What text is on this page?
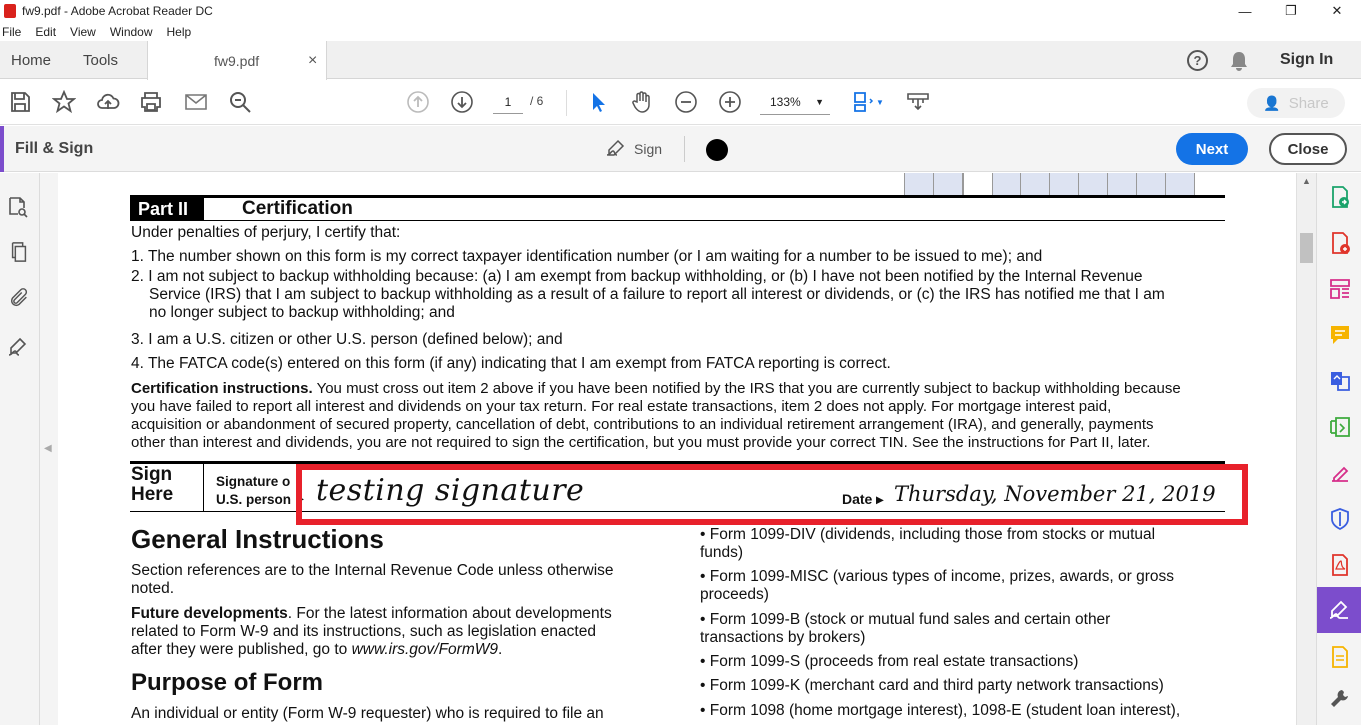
fw9.pdf - Adobe Acrobat Reader DC	—	❐	✕
File Edit View Window Help
Home Tools	fw9.pdf	×	?	Sign In
1	/ 6	133% ▼	▼	👤 Share
Fill & Sign	Sign	Next	Close
◀
Part II	Certification
Under penalties of perjury, I certify that:
1. The number shown on this form is my correct taxpayer identification number (or I am waiting for a number to be issued to me); and
2. I am not subject to backup withholding because: (a) I am exempt from backup withholding, or (b) I have not been notified by the Internal Revenue
Service (IRS) that I am subject to backup withholding as a result of a failure to report all interest or dividends, or (c) the IRS has notified me that I am
no longer subject to backup withholding; and
3. I am a U.S. citizen or other U.S. person (defined below); and
4. The FATCA code(s) entered on this form (if any) indicating that I am exempt from FATCA reporting is correct.
Certification instructions. You must cross out item 2 above if you have been notified by the IRS that you are currently subject to backup withholding because
you have failed to report all interest and dividends on your tax return. For real estate transactions, item 2 does not apply. For mortgage interest paid,
acquisition or abandonment of secured property, cancellation of debt, contributions to an individual retirement arrangement (IRA), and generally, payments
other than interest and dividends, you are not required to sign the certification, but you must provide your correct TIN. See the instructions for Part II, later.
Sign
Here
Signature o
U.S. person ▸ testing signature	Date ▸ Thursday, November 21, 2019
General Instructions
Section references are to the Internal Revenue Code unless otherwise
noted.
Future developments. For the latest information about developments
related to Form W-9 and its instructions, such as legislation enacted
after they were published, go to www.irs.gov/FormW9.
Purpose of Form
An individual or entity (Form W-9 requester) who is required to file an
• Form 1099-DIV (dividends, including those from stocks or mutual
funds)
• Form 1099-MISC (various types of income, prizes, awards, or gross
proceeds)
• Form 1099-B (stock or mutual fund sales and certain other
transactions by brokers)
• Form 1099-S (proceeds from real estate transactions)
• Form 1099-K (merchant card and third party network transactions)
• Form 1098 (home mortgage interest), 1098-E (student loan interest),
▲
